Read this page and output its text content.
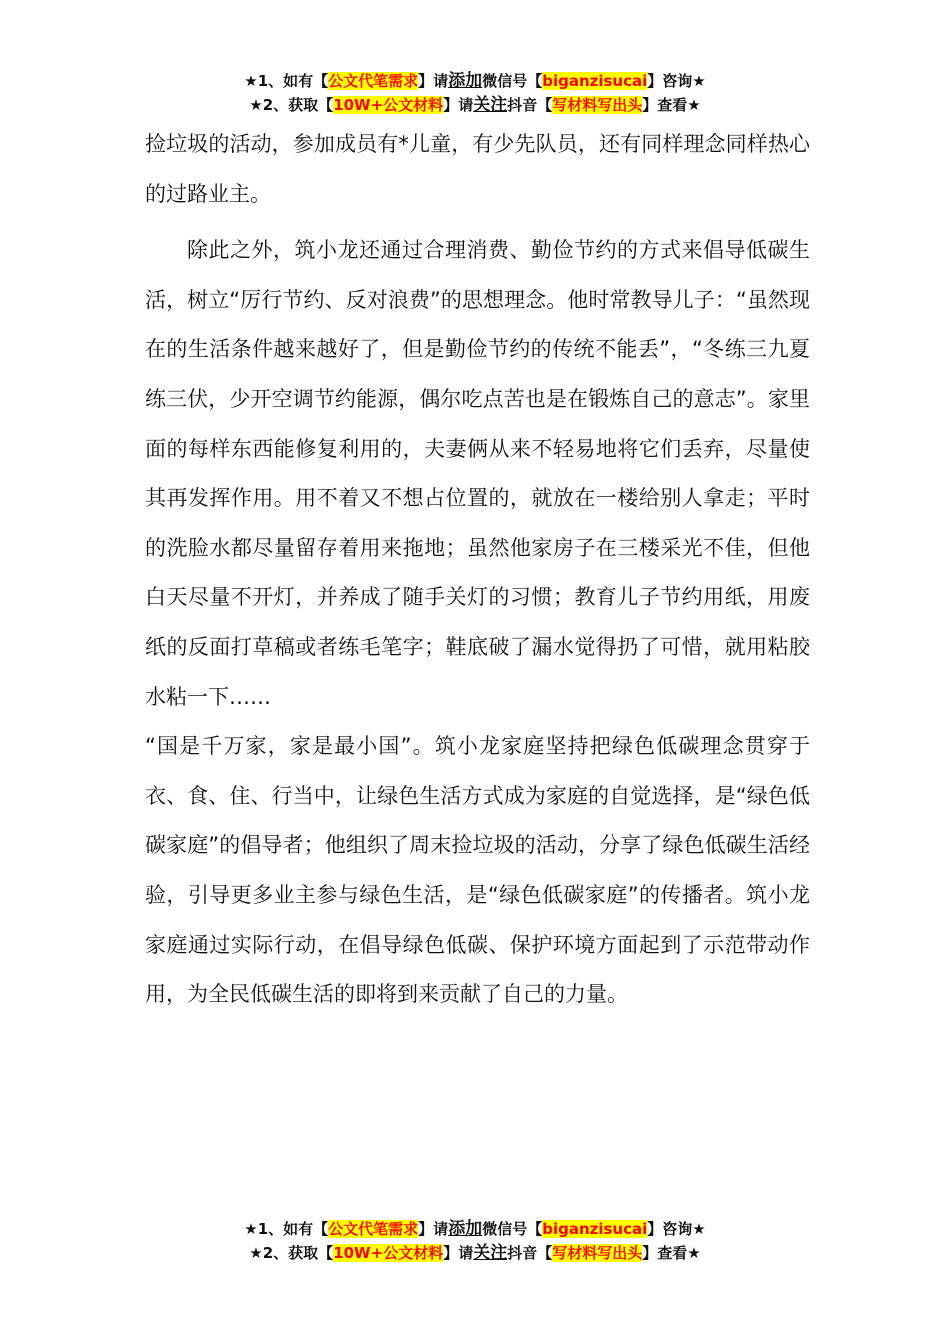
★1、如有【公文代笔需求】请添加微信号【biganzisucai】咨询★
★2、获取【10W+公文材料】请关注抖音【写材料写出头】查看★

捡垃圾的活动，参加成员有*儿童，有少先队员，还有同样理念同样热心的过路业主。

除此之外，筑小龙还通过合理消费、勤俭节约的方式来倡导低碳生活，树立“厉行节约、反对浪费”的思想理念。他时常教导儿子：“虽然现在的生活条件越来越好了，但是勤俭节约的传统不能丢”，“冬练三九夏练三伏，少开空调节约能源，偶尔吃点苦也是在锻炼自己的意志”。家里面的每样东西能修复利用的，夫妻俩从来不轻易地将它们丢弃，尽量使其再发挥作用。用不着又不想占位置的，就放在一楼给别人拿走；平时的洗脸水都尽量留存着用来拖地；虽然他家房子在三楼采光不佳，但他白天尽量不开灯，并养成了随手关灯的习惯；教育儿子节约用纸，用废纸的反面打草稿或者练毛笔字；鞋底破了漏水觉得扔了可惜，就用粘胶水粘一下……

“国是千万家，家是最小国”。筑小龙家庭坚持把绿色低碳理念贯穿于衣、食、住、行当中，让绿色生活方式成为家庭的自觉选择，是“绿色低碳家庭”的倡导者；他组织了周末捡垃圾的活动，分享了绿色低碳生活经验，引导更多业主参与绿色生活，是“绿色低碳家庭”的传播者。筑小龙家庭通过实际行动，在倡导绿色低碳、保护环境方面起到了示范带动作用，为全民低碳生活的即将到来贡献了自己的力量。

★1、如有【公文代笔需求】请添加微信号【biganzisucai】咨询★
★2、获取【10W+公文材料】请关注抖音【写材料写出头】查看★
